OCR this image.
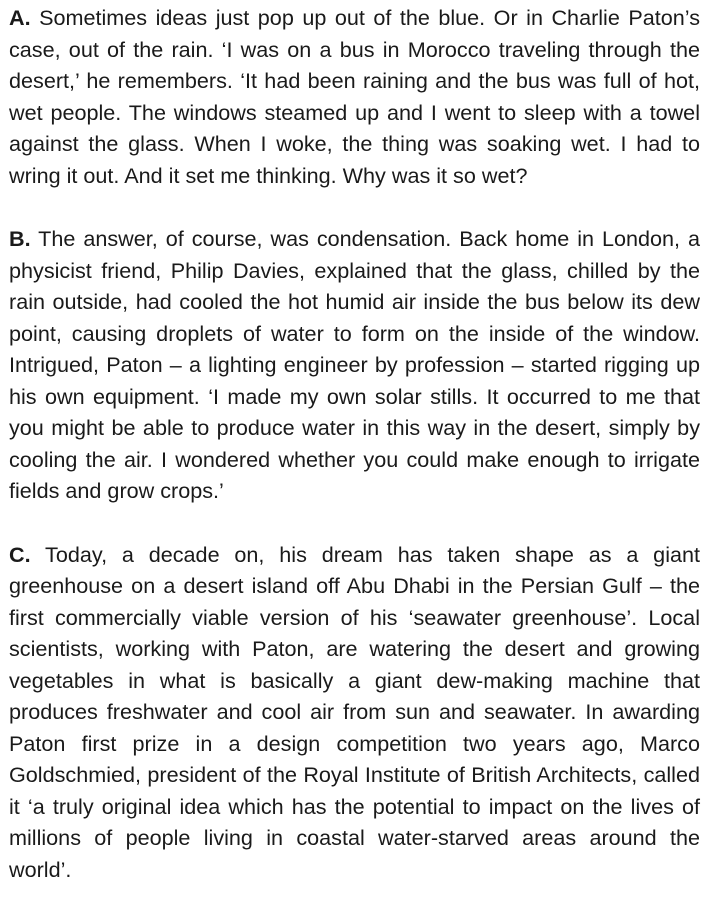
A. Sometimes ideas just pop up out of the blue. Or in Charlie Paton’s case, out of the rain. ‘I was on a bus in Morocco traveling through the desert,’ he remembers. ‘It had been raining and the bus was full of hot, wet people. The windows steamed up and I went to sleep with a towel against the glass. When I woke, the thing was soaking wet. I had to wring it out. And it set me thinking. Why was it so wet?

B. The answer, of course, was condensation. Back home in London, a physicist friend, Philip Davies, explained that the glass, chilled by the rain outside, had cooled the hot humid air inside the bus below its dew point, causing droplets of water to form on the inside of the window. Intrigued, Paton – a lighting engineer by profession – started rigging up his own equipment. ‘I made my own solar stills. It occurred to me that you might be able to produce water in this way in the desert, simply by cooling the air. I wondered whether you could make enough to irrigate fields and grow crops.’

C. Today, a decade on, his dream has taken shape as a giant greenhouse on a desert island off Abu Dhabi in the Persian Gulf – the first commercially viable version of his ‘seawater greenhouse’. Local scientists, working with Paton, are watering the desert and growing vegetables in what is basically a giant dew-making machine that produces freshwater and cool air from sun and seawater. In awarding Paton first prize in a design competition two years ago, Marco Goldschmied, president of the Royal Institute of British Architects, called it ‘a truly original idea which has the potential to impact on the lives of millions of people living in coastal water-starved areas around the world’.
